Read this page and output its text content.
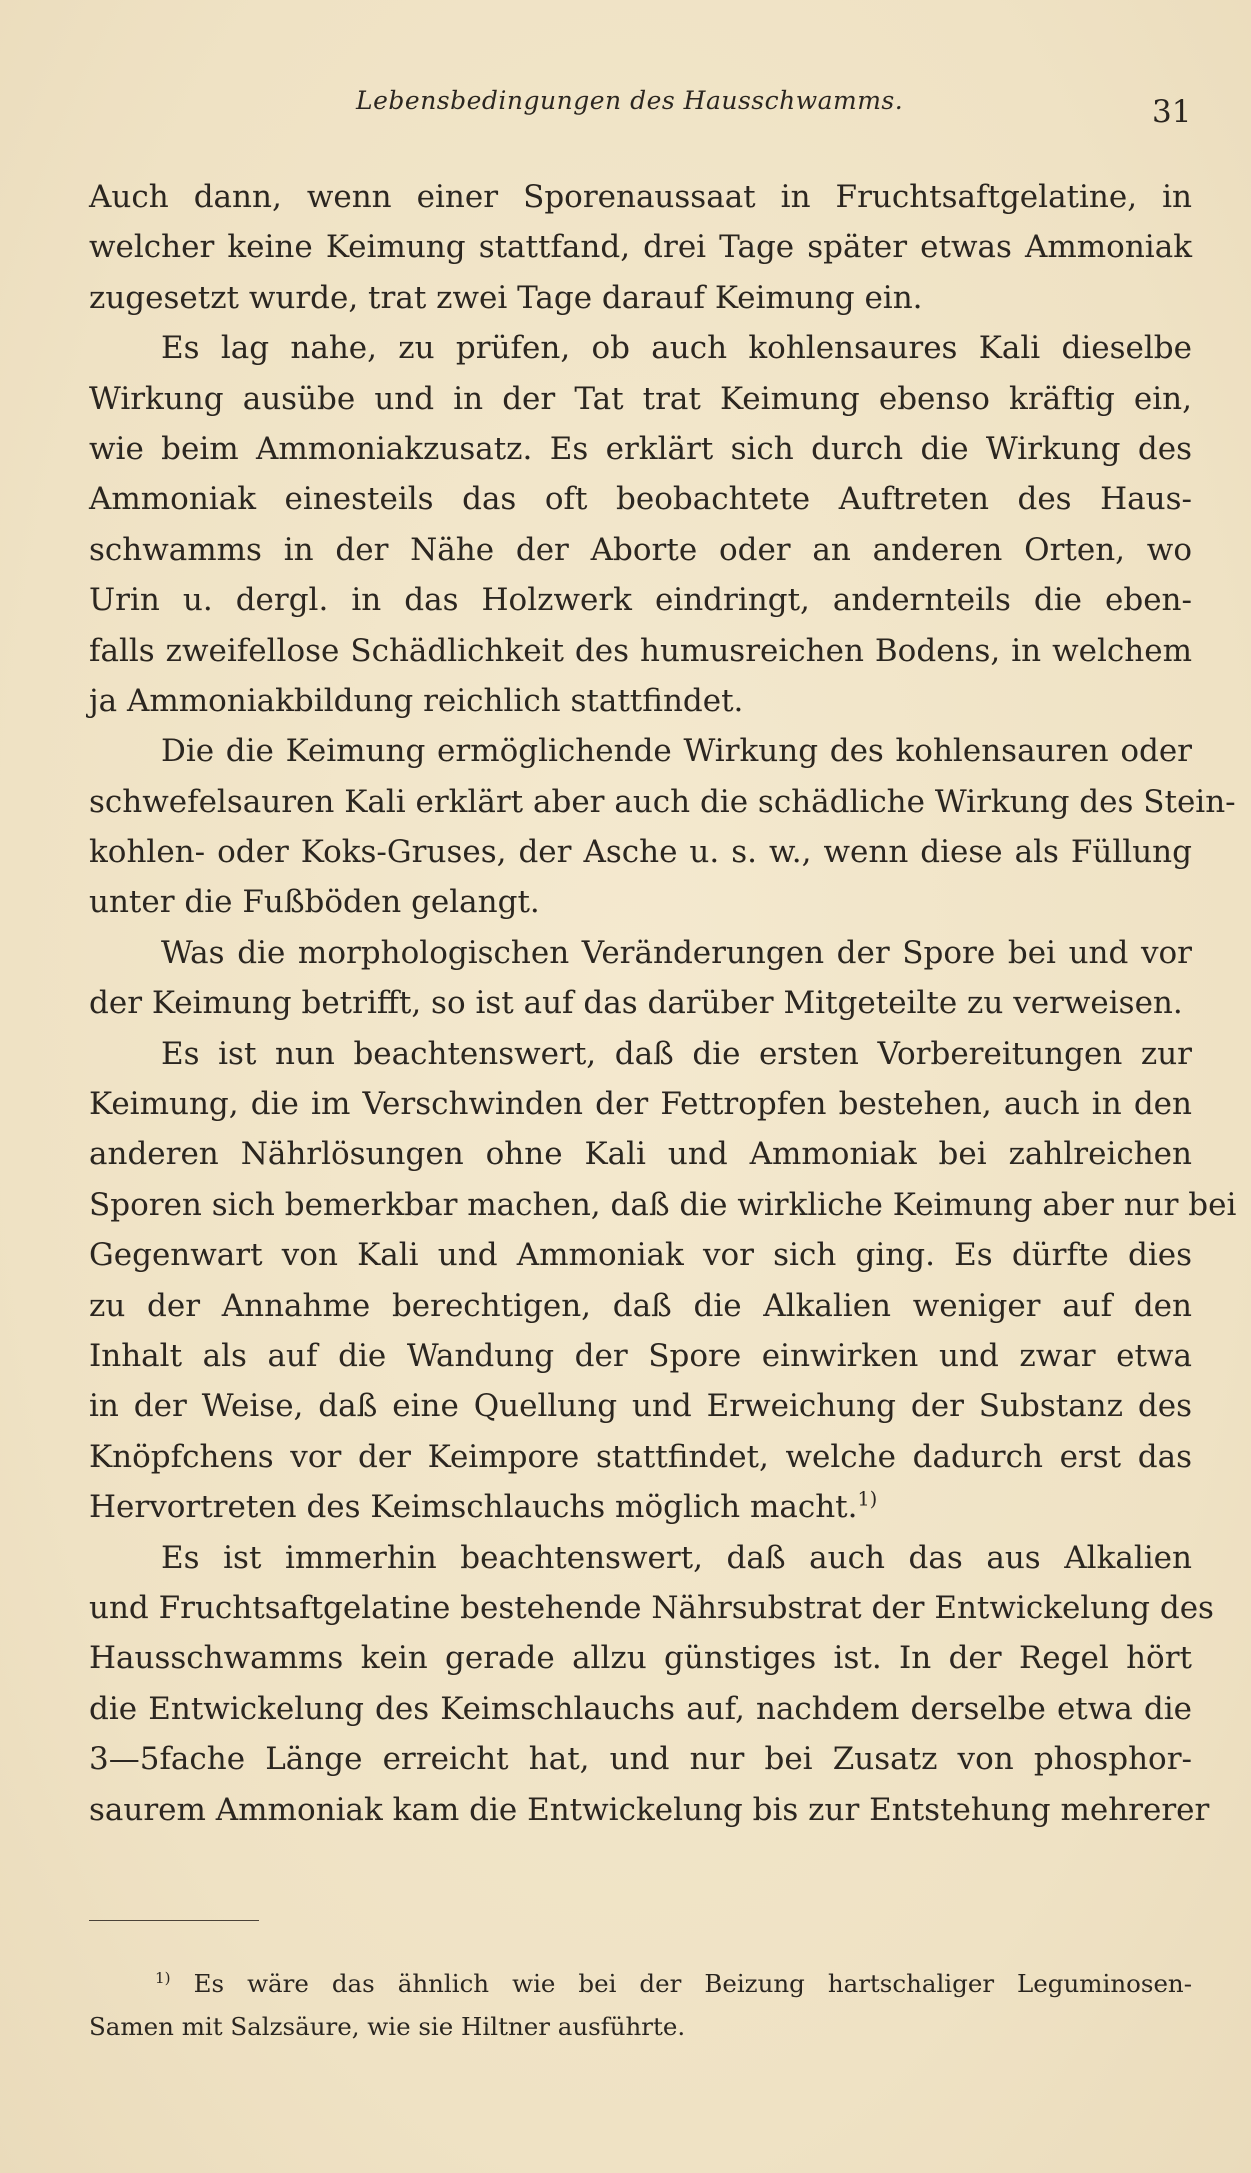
Lebensbedingungen des Hausschwamms.	31
Auch dann, wenn einer Sporenaussaat in Fruchtsaftgelatine, in
welcher keine Keimung stattfand, drei Tage später etwas Ammoniak
zugesetzt wurde, trat zwei Tage darauf Keimung ein.
Es lag nahe, zu prüfen, ob auch kohlensaures Kali dieselbe
Wirkung ausübe und in der Tat trat Keimung ebenso kräftig ein,
wie beim Ammoniakzusatz. Es erklärt sich durch die Wirkung des
Ammoniak einesteils das oft beobachtete Auftreten des Haus-
schwamms in der Nähe der Aborte oder an anderen Orten, wo
Urin u. dergl. in das Holzwerk eindringt, andernteils die eben-
falls zweifellose Schädlichkeit des humusreichen Bodens, in welchem
ja Ammoniakbildung reichlich stattfindet.
Die die Keimung ermöglichende Wirkung des kohlensauren oder
schwefelsauren Kali erklärt aber auch die schädliche Wirkung des Stein-
kohlen- oder Koks-Gruses, der Asche u. s. w., wenn diese als Füllung
unter die Fußböden gelangt.
Was die morphologischen Veränderungen der Spore bei und vor
der Keimung betrifft, so ist auf das darüber Mitgeteilte zu verweisen.
Es ist nun beachtenswert, daß die ersten Vorbereitungen zur
Keimung, die im Verschwinden der Fettropfen bestehen, auch in den
anderen Nährlösungen ohne Kali und Ammoniak bei zahlreichen
Sporen sich bemerkbar machen, daß die wirkliche Keimung aber nur bei
Gegenwart von Kali und Ammoniak vor sich ging. Es dürfte dies
zu der Annahme berechtigen, daß die Alkalien weniger auf den
Inhalt als auf die Wandung der Spore einwirken und zwar etwa
in der Weise, daß eine Quellung und Erweichung der Substanz des
Knöpfchens vor der Keimpore stattfindet, welche dadurch erst das
Hervortreten des Keimschlauchs möglich macht.$^{1)}$
Es ist immerhin beachtenswert, daß auch das aus Alkalien
und Fruchtsaftgelatine bestehende Nährsubstrat der Entwickelung des
Hausschwamms kein gerade allzu günstiges ist. In der Regel hört
die Entwickelung des Keimschlauchs auf, nachdem derselbe etwa die
3—5fache Länge erreicht hat, und nur bei Zusatz von phosphor-
saurem Ammoniak kam die Entwickelung bis zur Entstehung mehrerer
$^{1)}$ Es wäre das ähnlich wie bei der Beizung hartschaliger Leguminosen-
Samen mit Salzsäure, wie sie Hiltner ausführte.
